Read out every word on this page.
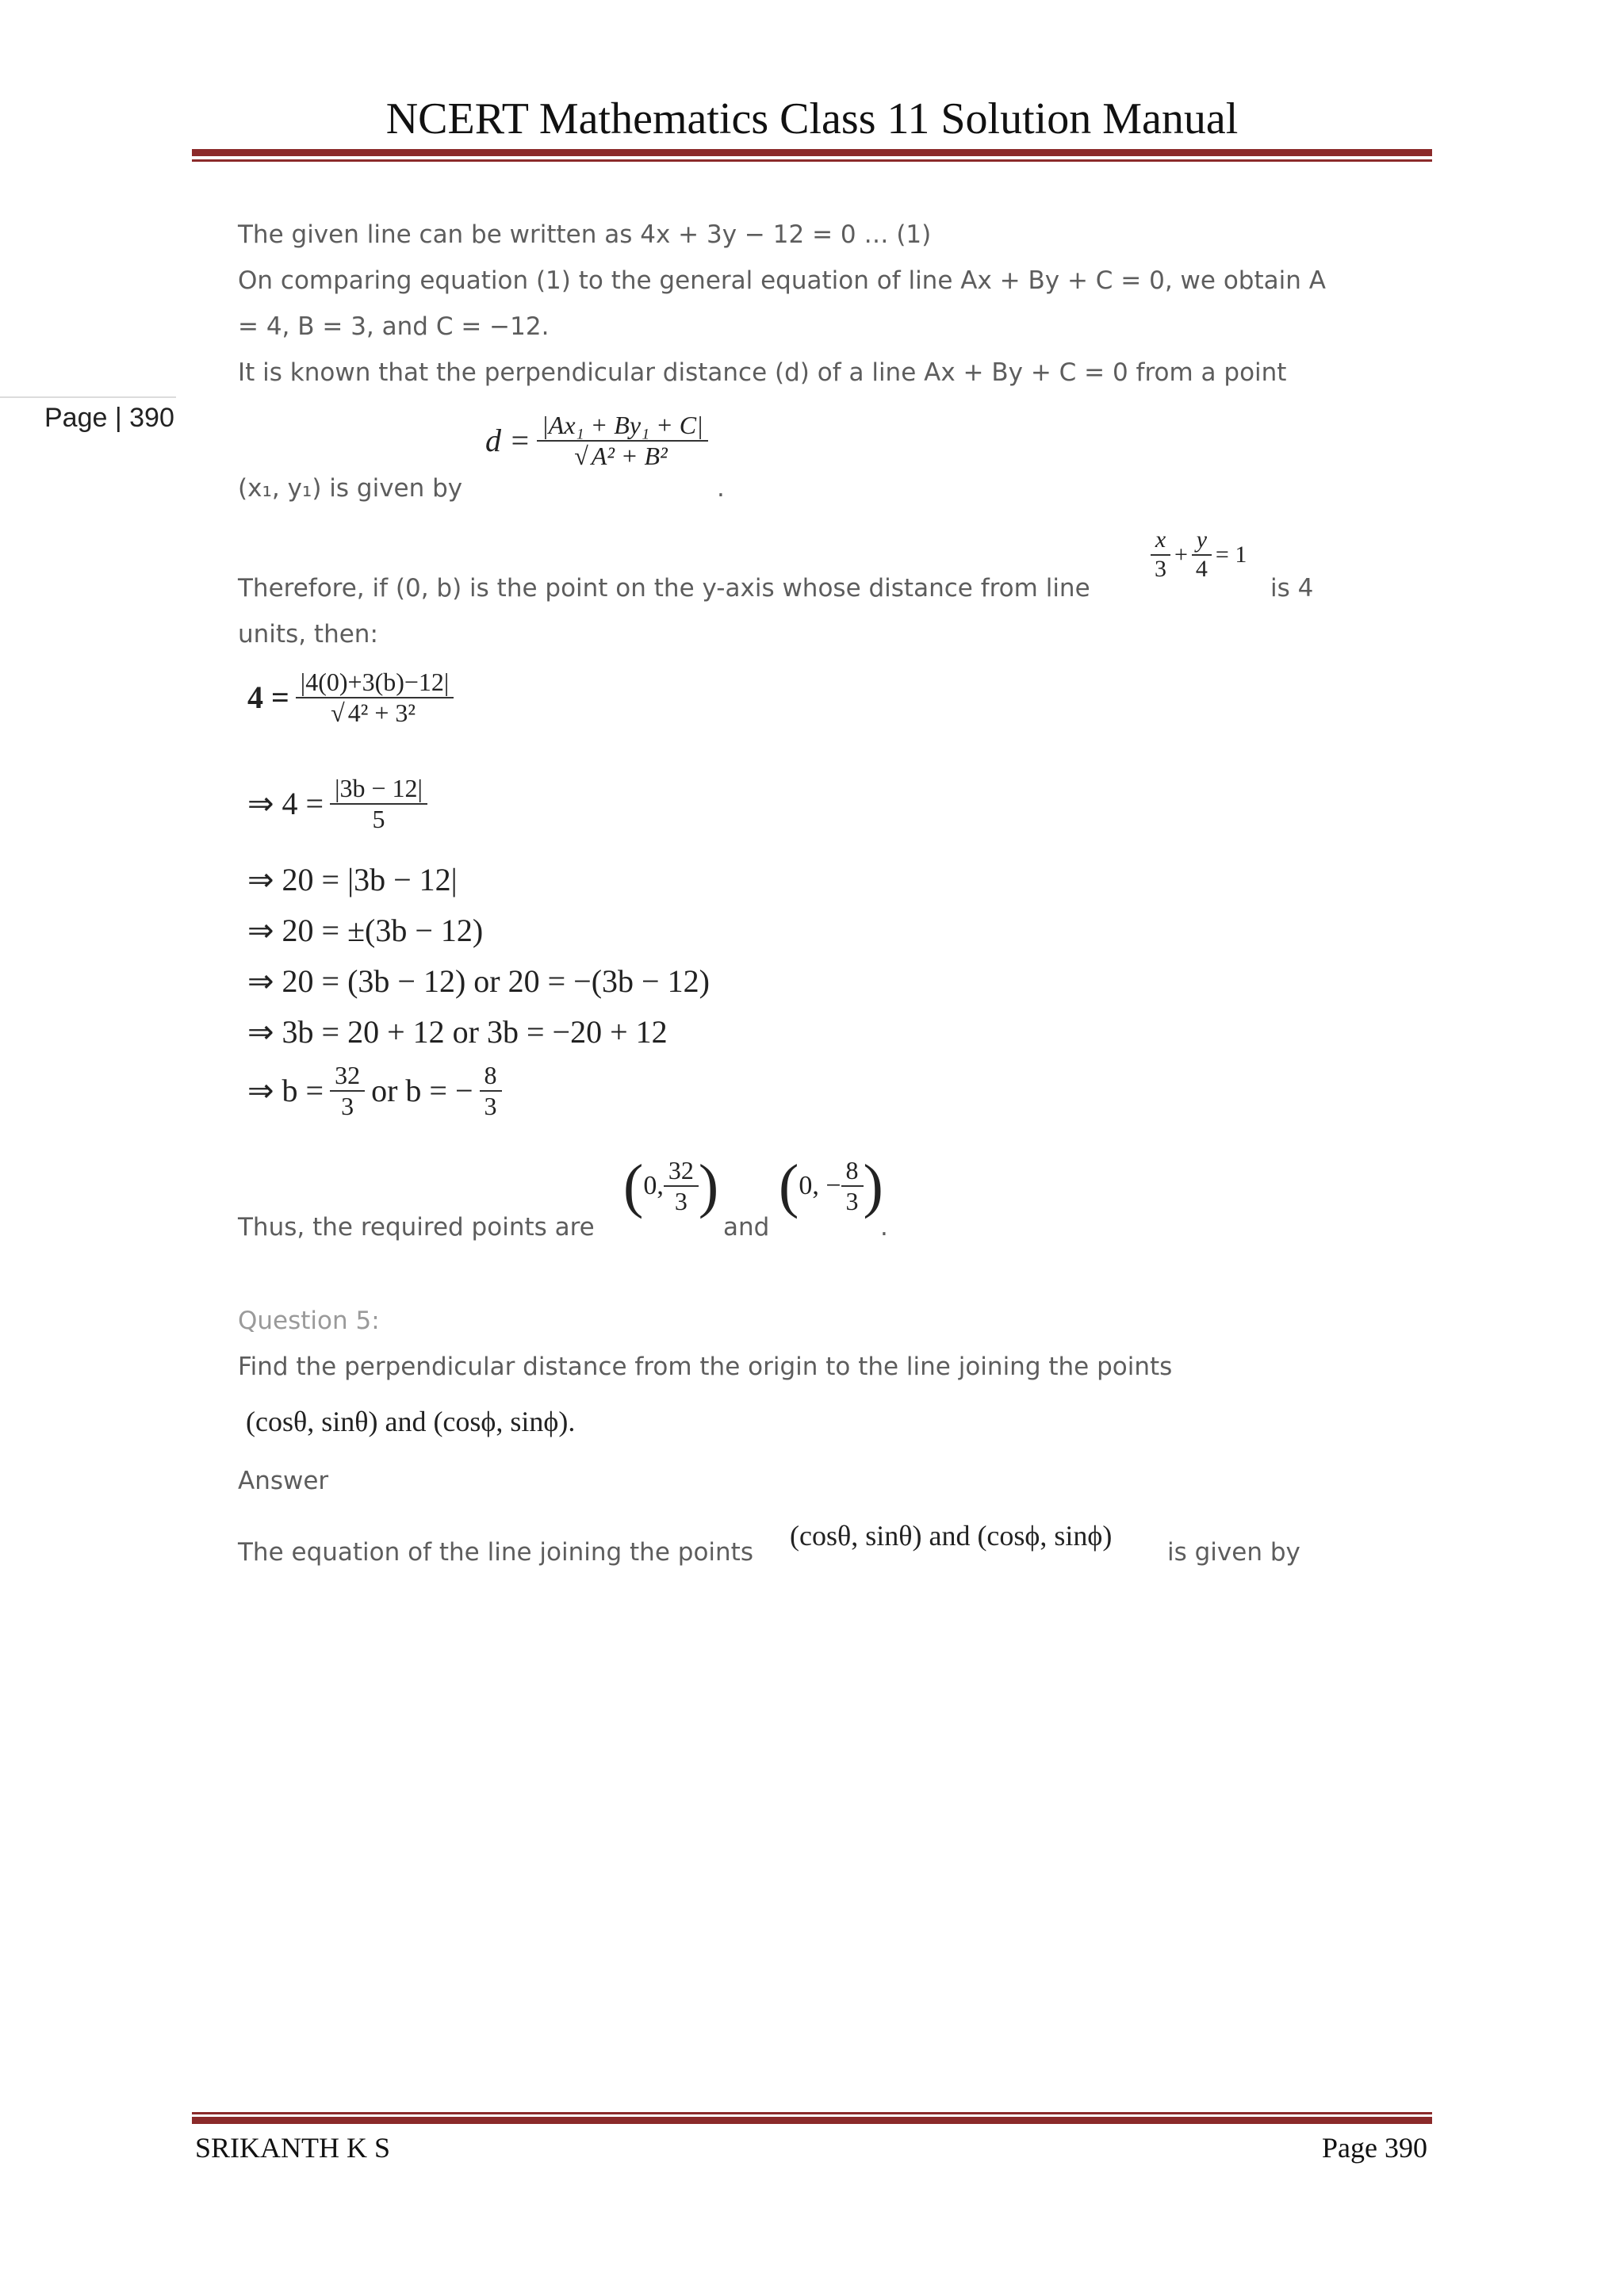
NCERT Mathematics Class 11 Solution Manual
Page | 390
The given line can be written as 4x + 3y − 12 = 0 … (1)
On comparing equation (1) to the general equation of line Ax + By + C = 0, we obtain A
= 4, B = 3, and C = −12.
It is known that the perpendicular distance (d) of a line Ax + By + C = 0 from a point
$d = \frac{\text{|Ax₁ + By₁ + C|}}{\text{√ A² + B²}}$
(x₁, y₁) is given by	.
Therefore, if (0, b) is the point on the y-axis whose distance from line
$\frac{x}{3} + \frac{y}{4} = 1$
is 4
units, then:
$4 = \frac{|4(0)+3(b)-12|}{\text{√ 4² + 3²}}$
⇒ $4 = \frac{|3b - 12|}{5}$
⇒ 20 = |3b − 12|
⇒ 20 = ±(3b − 12)
⇒ 20 = (3b − 12) or 20 = −(3b − 12)
⇒ 3b = 20 + 12 or 3b = −20 + 12
⇒ $b = \frac{32}{3}$ or b = − $\frac{8}{3}$
Thus, the required points are
( 0, $\frac{32}{3}$ )
and
( 0, − $\frac{8}{3}$ )
.
Question 5:
Find the perpendicular distance from the origin to the line joining the points
(cosθ, sinθ) and (cosϕ, sinϕ).
Answer
The equation of the line joining the points
(cosθ, sinθ) and (cosϕ, sinϕ)
is given by
SRIKANTH K S	Page 390
